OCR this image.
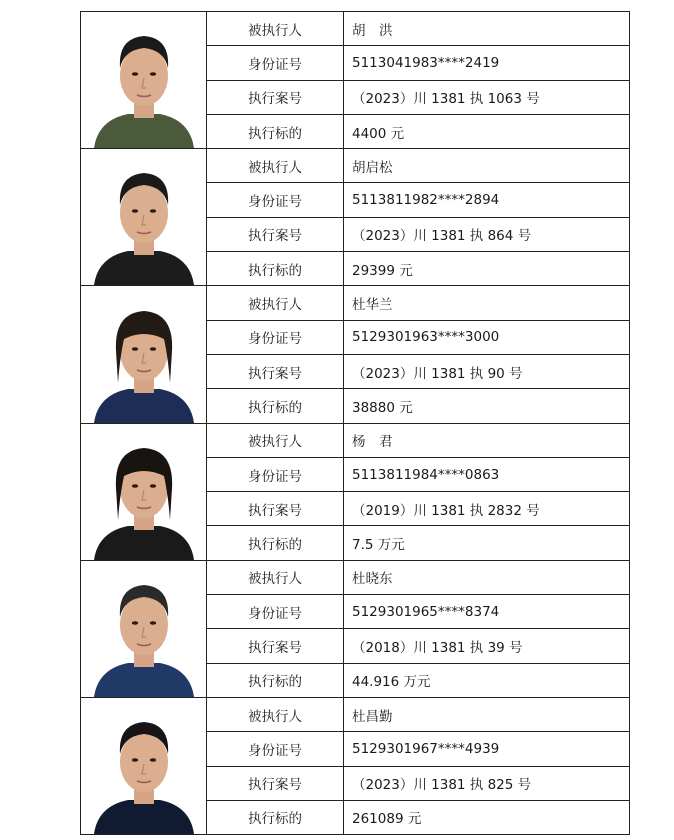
	被执行人	胡　洪
	身份证号	5113041983****2419
	执行案号	（2023）川 1381 执 1063 号
	执行标的	4400 元

	被执行人	胡启松
	身份证号	5113811982****2894
	执行案号	（2023）川 1381 执 864 号
	执行标的	29399 元

	被执行人	杜华兰
	身份证号	5129301963****3000
	执行案号	（2023）川 1381 执 90 号
	执行标的	38880 元

	被执行人	杨　君
	身份证号	5113811984****0863
	执行案号	（2019）川 1381 执 2832 号
	执行标的	7.5 万元

	被执行人	杜晓东
	身份证号	5129301965****8374
	执行案号	（2018）川 1381 执 39 号
	执行标的	44.916 万元

	被执行人	杜昌勤
	身份证号	5129301967****4939
	执行案号	（2023）川 1381 执 825 号
	执行标的	261089 元
